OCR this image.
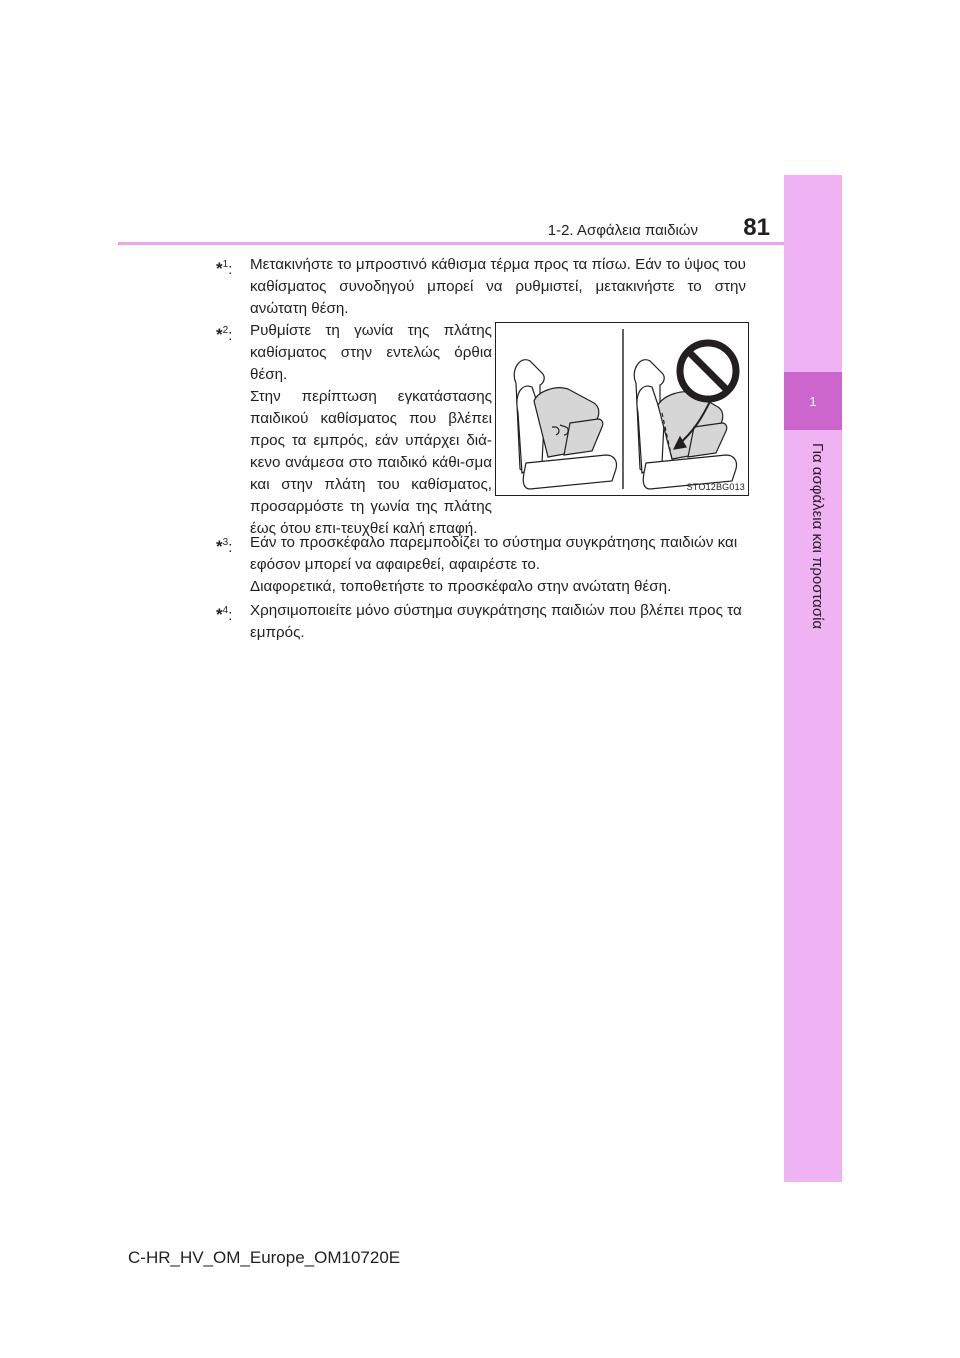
1
Για ασφάλεια και προστασία
1-2. Ασφάλεια παιδιών	81
*$^1$: Μετακινήστε το μπροστινό κάθισμα τέρμα προς τα πίσω. Εάν το ύψος του καθίσματος συνοδηγού μπορεί να ρυθμιστεί, μετακινήστε το στην ανώτατη θέση.

*$^2$: Ρυθμίστε τη γωνία της πλάτης καθίσματος στην εντελώς όρθια θέση.

Στην περίπτωση εγκατάστασης παιδικού καθίσματος που βλέπει προς τα εμπρός, εάν υπάρχει διά-κενο ανάμεσα στο παιδικό κάθι-σμα και στην πλάτη του καθίσματος, προσαρμόστε τη γωνία της πλάτης έως ότου επι-τευχθεί καλή επαφή.

STO12BG013
*$^3$: Εάν το προσκέφαλο παρεμποδίζει το σύστημα συγκράτησης παιδιών και εφόσον μπορεί να αφαιρεθεί, αφαιρέστε το.

Διαφορετικά, τοποθετήστε το προσκέφαλο στην ανώτατη θέση.

*$^4$: Χρησιμοποιείτε μόνο σύστημα συγκράτησης παιδιών που βλέπει προς τα εμπρός.

C-HR_HV_OM_Europe_OM10720E
